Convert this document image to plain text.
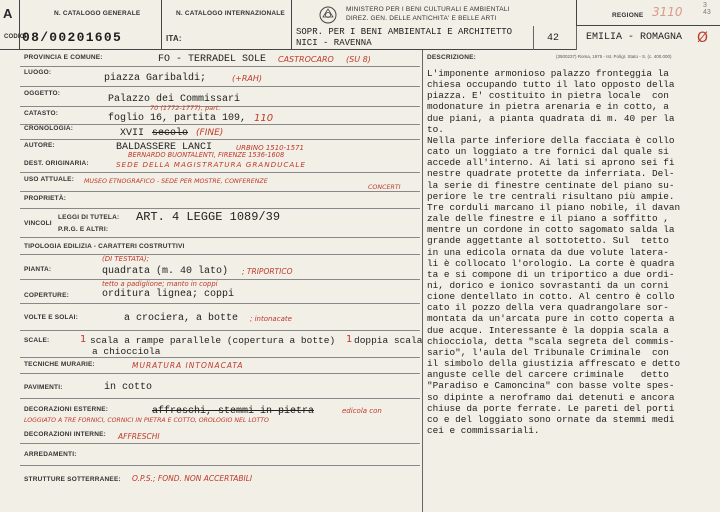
A
CODICI
N. CATALOGO GENERALE
08/00201605
N. CATALOGO INTERNAZIONALE
ITA:
MINISTERO PER I BENI CULTURALI E AMBIENTALI
DIREZ. GEN. DELLE ANTICHITA' E BELLE ARTI	REGIONE 3110	3
43
SOPR. PER I BENI AMBIENTALI E ARCHITETTO
NICI - RAVENNA	42	EMILIA - ROMAGNA Ø
PROVINCIA E COMUNE:	FO - TERRADEL SOLE CASTROCARO (SU 8)
LUOGO:
piazza Garibaldi;	(+RAH)
OGGETTO:
Palazzo dei Commissari
70 (1772-1777), part.
CATASTO:	foglio 16, partita 109, 110
CRONOLOGIA:	XVII secolo (FINE)
AUTORE:	BALDASSERE LANCI	URBINO 1510-1571
BERNARDO BUONTALENTI, FIRENZE 1536-1608
DEST. ORIGINARIA:	SEDE DELLA MAGISTRATURA GRANDUCALE
USO ATTUALE: MUSEO ETNOGRAFICO - SEDE PER MOSTRE, CONFERENZE
CONCERTI
PROPRIETÀ:
VINCOLI
LEGGI DI TUTELA: ART. 4 LEGGE 1089/39
P.R.G. E ALTRI:
TIPOLOGIA EDILIZIA - CARATTERI COSTRUTTIVI
(DI TESTATA);
PIANTA:	quadrata (m. 40 lato) ; TRIPORTICO
tetto a padiglione; manto in coppi
COPERTURE:	orditura lignea; coppi
VOLTE E SOLAI:	a crociera, a botte ; intonacate
SCALE:	1 scala a rampe parallele (copertura a botte) 1 doppia scala
a chiocciola
TECNICHE MURARIE:	MURATURA INTONACATA
PAVIMENTI:	in cotto
DECORAZIONI ESTERNE:	affreschi, stemmi in pietra	edicola con
LOGGIATO A TRE FORNICI, CORNICI IN PIETRA E COTTO, OROLOGIO NEL LOTTO
DECORAZIONI INTERNE: AFFRESCHI
ARREDAMENTI:
STRUTTURE SOTTERRANEE: O.P.S.; FOND. NON ACCERTABILI
DESCRIZIONE:	(3500237) Roma, 1975 - Ist. Polígr. Stato - S. (c. 400.000)

L'imponente armonioso palazzo fronteggia la

chiesa occupando tutto il lato opposto della

piazza. E' costituito in pietra locale  con

modonature in pietra arenaria e in cotto, a

due piani, a pianta quadrata di m. 40 per la

to.

Nella parte inferiore della facciata è collo

cato un loggiato a tre fornici dal quale si

accede all'interno. Ai lati si aprono sei fi

nestre quadrate protette da inferriata. Del-

la serie di finestre centinate del piano su-

periore le tre centrali risultano più ampie.

Tre corduli marcano il piano nobile, il davan

zale delle finestre e il piano a soffitto ,

mentre un cordone in cotto sagomato salda la

grande aggettante al sottotetto. Sul  tetto

in una edicola ornata da due volute latera-

li è collocato l'orologio. La corte è quadra

ta e si compone di un triportico a due ordi-

ni, dorico e ionico sovrastanti da un corni

cione dentellato in cotto. Al centro è collo

cato il pozzo della vera quadrangolare sor-

montata da un'arcata pure in cotto coperta a

due acque. Interessante è la doppia scala a

chiocciola, detta "scala segreta del commis-

sario", l'aula del Tribunale Criminale  con

il simbolo della giustizia affrescato e detto

anguste celle del carcere criminale   detto

"Paradiso e Camoncina" con basse volte spes-

so dipinte a neroframo dai detenuti e ancora

chiuse da porte ferrate. Le pareti del porti

co e del loggiato sono ornate da stemmi medi

cei e commissariali.
